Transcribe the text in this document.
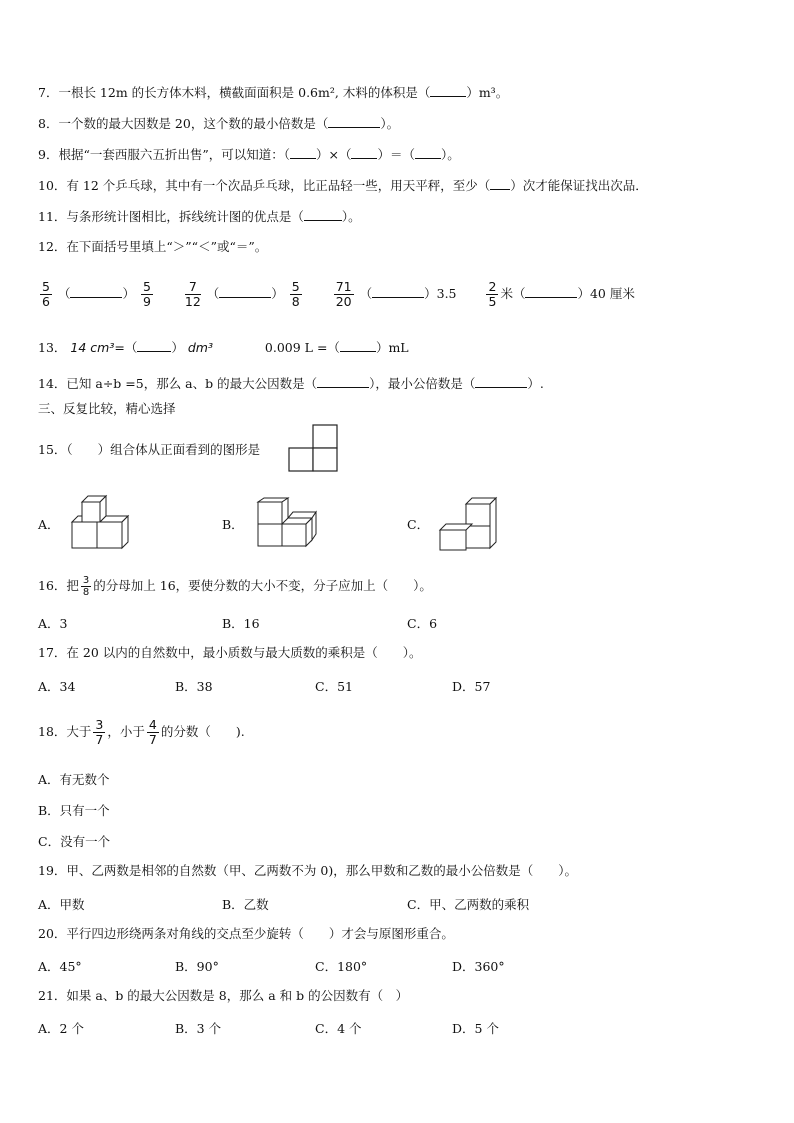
7．一根长 12m 的长方体木料，横截面面积是 0.6m², 木料的体积是（	）m³。
8．一个数的最大因数是 20，这个数的最小倍数是（	）。
9．根据“一套西服六五折出售”，可以知道：（ ）×（ ）＝（ ）。
10．有 12 个乒乓球，其中有一个次品乒乓球，比正品轻一些，用天平秤，至少（ ）次才能保证找出次品．
11．与条形统计图相比，拆线统计图的优点是（	）。
12．在下面括号里填上“＞”“＜”或“＝”。
$\frac{5}{6}$ （	） $\frac{5}{9}$
	$\frac{7}{12}$ （	） $\frac{5}{8}$
	$\frac{71}{20}$ （	）$3.5 \frac{2}{5}$ 米（	）40 厘米
13． 14 cm³=（	） dm³	0.009 L =（	）mL
14．已知 a÷b =5，那么 a、b 的最大公因数是（	），最小公倍数是（	）.
三、反复比较，精心选择
15．（　　）组合体从正面看到的图形是
A．	B．	C．
16．把 $\frac{3}{8}$ 的分母加上 16，要使分数的大小不变，分子应加上（　　）。
A．3	B．16	C．6
17．在 20 以内的自然数中，最小质数与最大质数的乘积是（　　）。
A．34	B．38	C．51	D．57
18．大于 $\frac{3}{7}$ ，小于 $\frac{4}{7}$ 的分数（　　).
A．有无数个
B．只有一个
C．没有一个
19．甲、乙两数是相邻的自然数（甲、乙两数不为 0)，那么甲数和乙数的最小公倍数是（　　）。
A．甲数	B．乙数	C．甲、乙两数的乘积
20．平行四边形绕两条对角线的交点至少旋转（　　）才会与原图形重合。
A．45°	B．90°	C．180°	D．360°
21．如果 a、b 的最大公因数是 8，那么 a 和 b 的公因数有（　）
A．2 个	B．3 个	C．4 个	D．5 个
